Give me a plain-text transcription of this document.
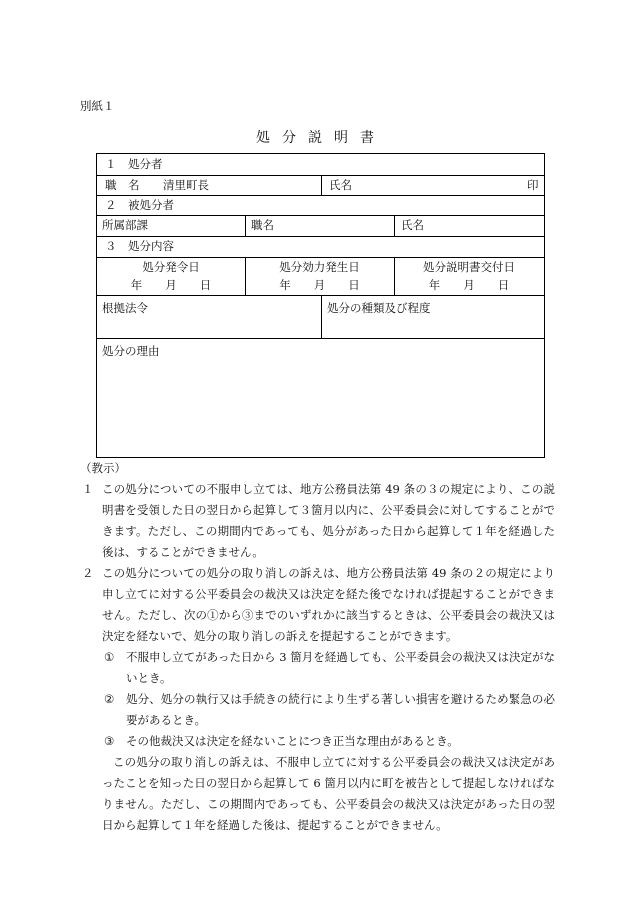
別紙１
処分説明書
１　処分者
職　名 清里町長	氏名	印
２　被処分者
所属部課	職名	氏名
３　処分内容
処分発令日	処分効力発生日	処分説明書交付日
年　　月　　日	年　　月　　日	年　　月　　日
根拠法令	処分の種類及び程度
処分の理由
（教示）
１ この処分についての不服申し立ては、地方公務員法第 49 条の３の規定により、この説明書を受領した日の翌日から起算して３箇月以内に、公平委員会に対してすることができます。ただし、この期間内であっても、処分があった日から起算して１年を経過した後は、することができません。
２ この処分についての処分の取り消しの訴えは、地方公務員法第 49 条の２の規定により申し立てに対する公平委員会の裁決又は決定を経た後でなければ提起することができません。ただし、次の①から③までのいずれかに該当するときは、公平委員会の裁決又は決定を経ないで、処分の取り消しの訴えを提起することができます。
① 不服申し立てがあった日から 3 箇月を経過しても、公平委員会の裁決又は決定がないとき。
② 処分、処分の執行又は手続きの続行により生ずる著しい損害を避けるため緊急の必要があるとき。
③ その他裁決又は決定を経ないことにつき正当な理由があるとき。
この処分の取り消しの訴えは、不服申し立てに対する公平委員会の裁決又は決定があったことを知った日の翌日から起算して 6 箇月以内に町を被告として提起しなければなりません。ただし、この期間内であっても、公平委員会の裁決又は決定があった日の翌日から起算して１年を経過した後は、提起することができません。
